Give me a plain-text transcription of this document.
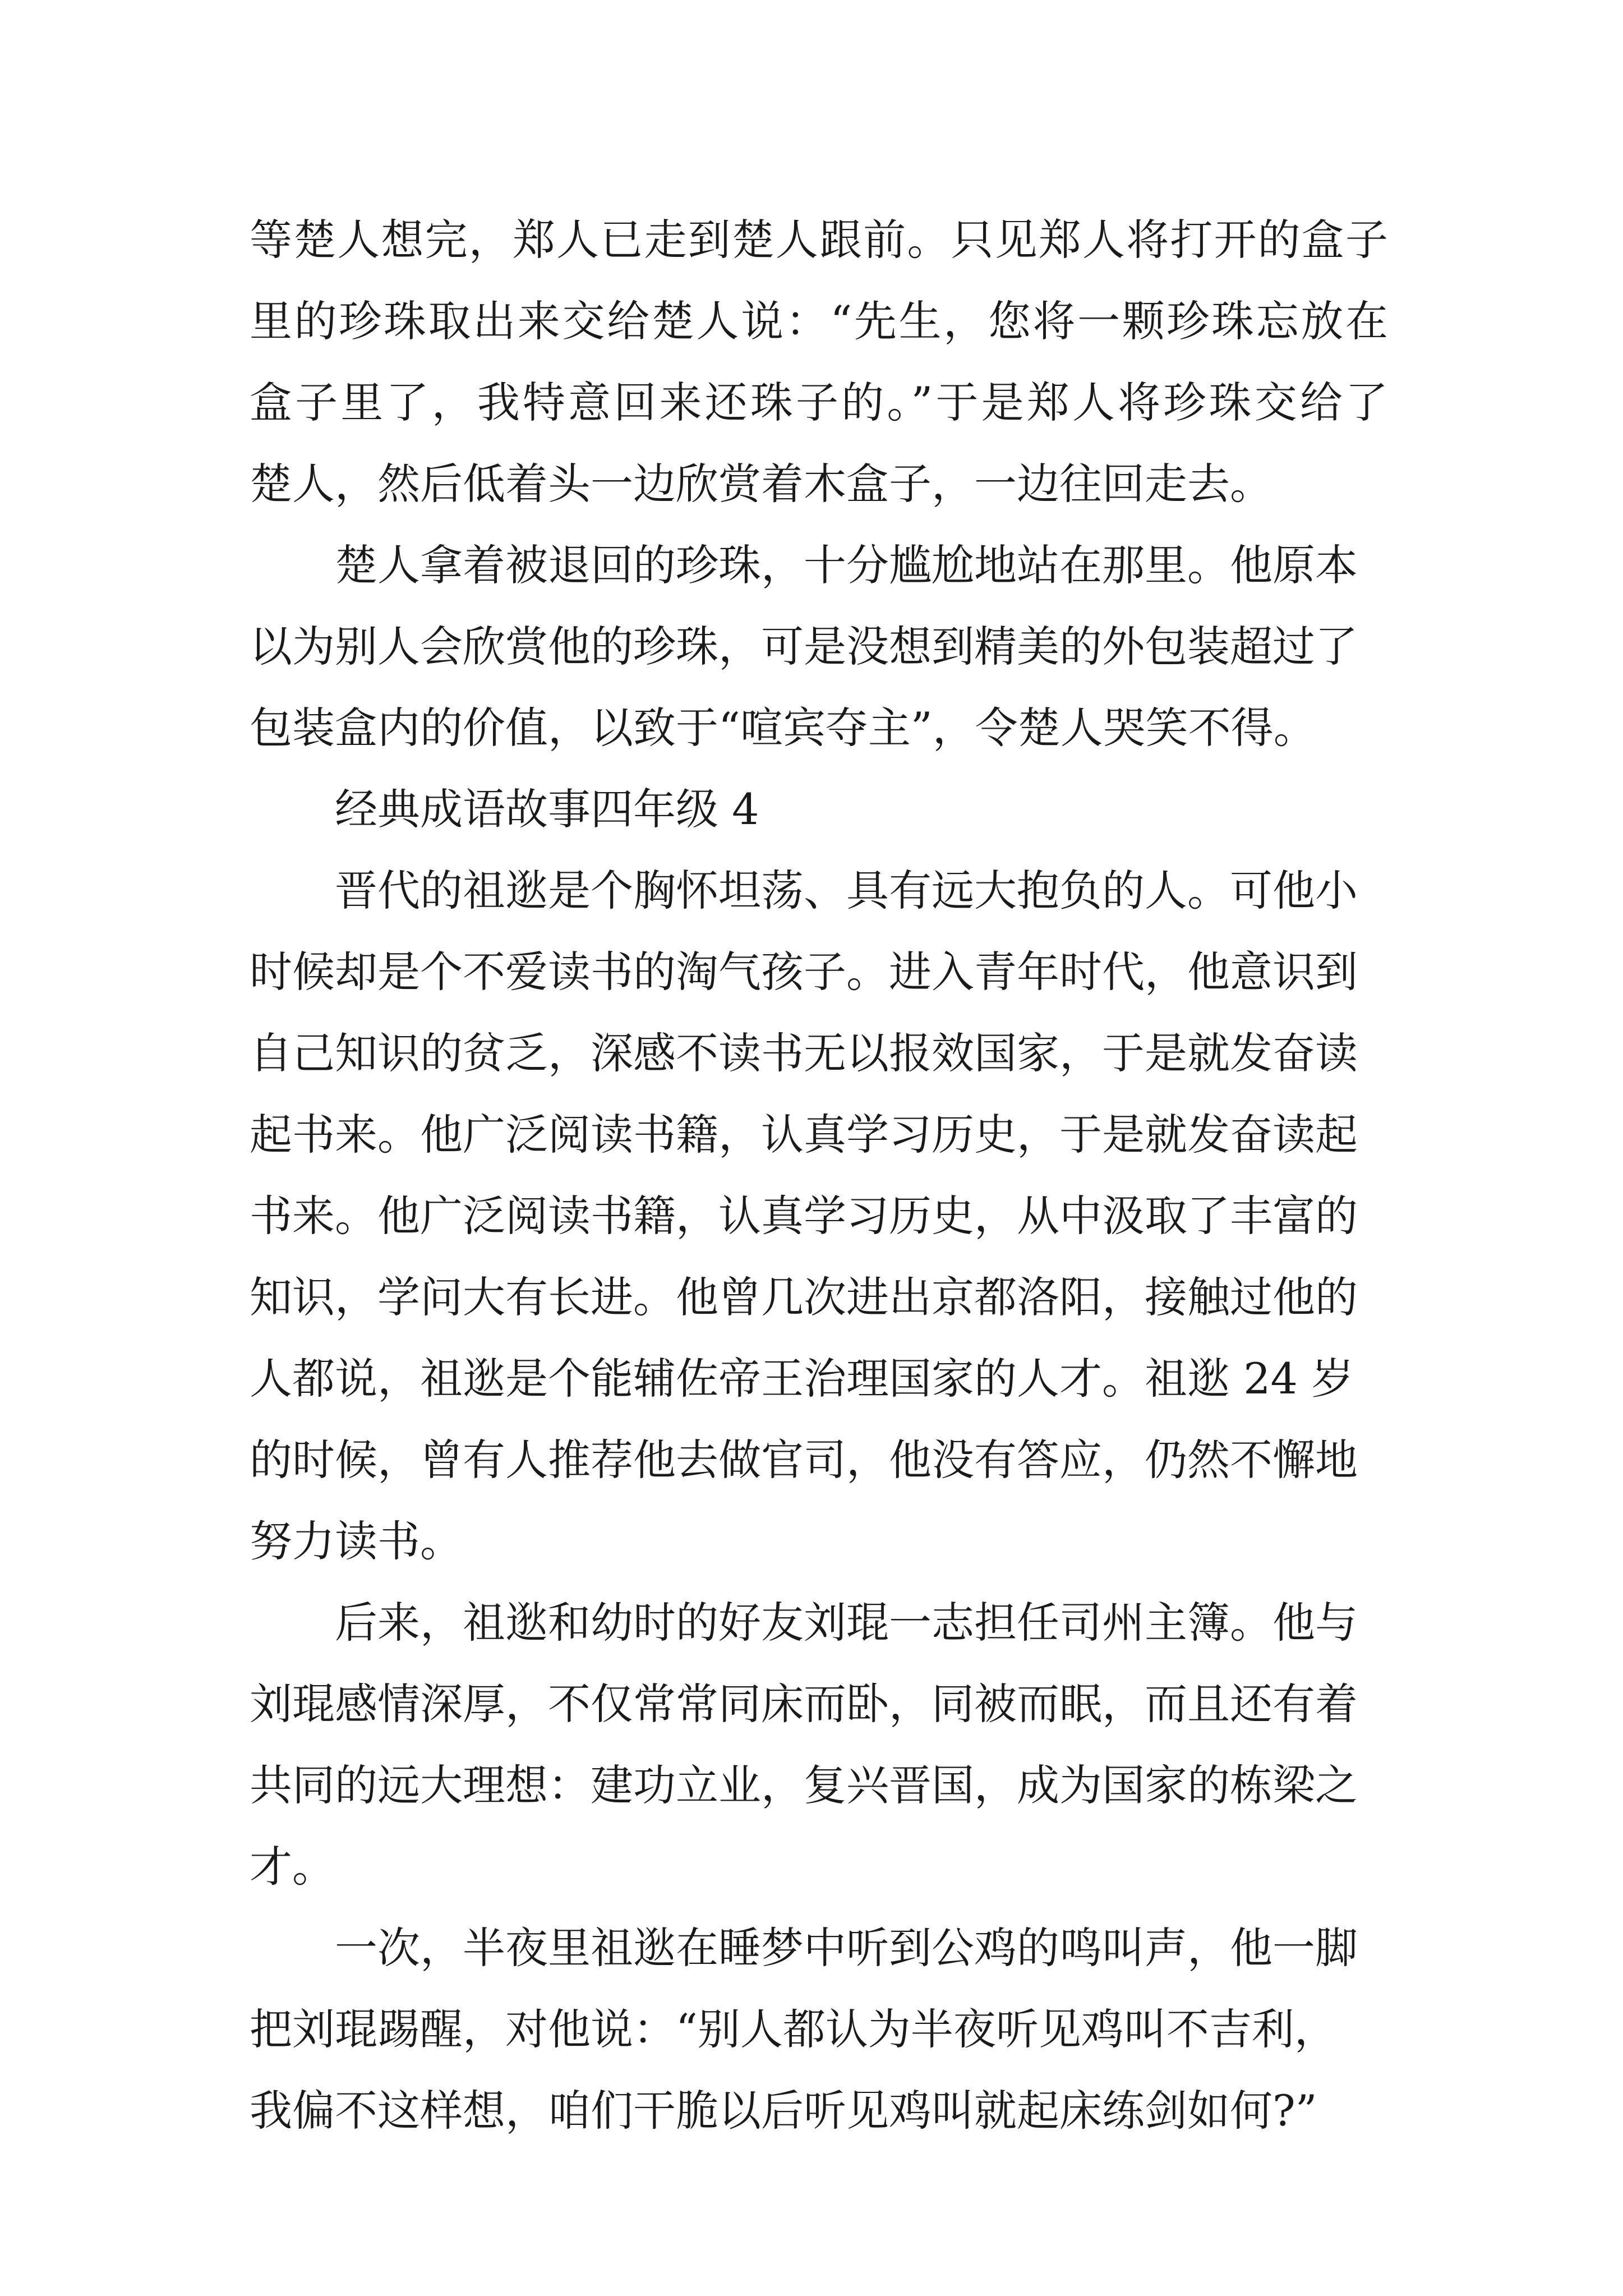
等楚人想完，郑人已走到楚人跟前。只见郑人将打开的盒子
里的珍珠取出来交给楚人说：“先生，您将一颗珍珠忘放在
盒子里了，我特意回来还珠子的。”于是郑人将珍珠交给了
楚人，然后低着头一边欣赏着木盒子，一边往回走去。
楚人拿着被退回的珍珠，十分尴尬地站在那里。他原本
以为别人会欣赏他的珍珠，可是没想到精美的外包装超过了
包装盒内的价值，以致于“喧宾夺主”，令楚人哭笑不得。
经典成语故事四年级 4
晋代的祖逖是个胸怀坦荡、具有远大抱负的人。可他小
时候却是个不爱读书的淘气孩子。进入青年时代，他意识到
自己知识的贫乏，深感不读书无以报效国家，于是就发奋读
起书来。他广泛阅读书籍，认真学习历史，于是就发奋读起
书来。他广泛阅读书籍，认真学习历史，从中汲取了丰富的
知识，学问大有长进。他曾几次进出京都洛阳，接触过他的
人都说，祖逖是个能辅佐帝王治理国家的人才。祖逖 24 岁
的时候，曾有人推荐他去做官司，他没有答应，仍然不懈地
努力读书。
后来，祖逖和幼时的好友刘琨一志担任司州主簿。他与
刘琨感情深厚，不仅常常同床而卧，同被而眠，而且还有着
共同的远大理想：建功立业，复兴晋国，成为国家的栋梁之
才。
一次，半夜里祖逖在睡梦中听到公鸡的鸣叫声，他一脚
把刘琨踢醒，对他说：“别人都认为半夜听见鸡叫不吉利，
我偏不这样想，咱们干脆以后听见鸡叫就起床练剑如何?”
